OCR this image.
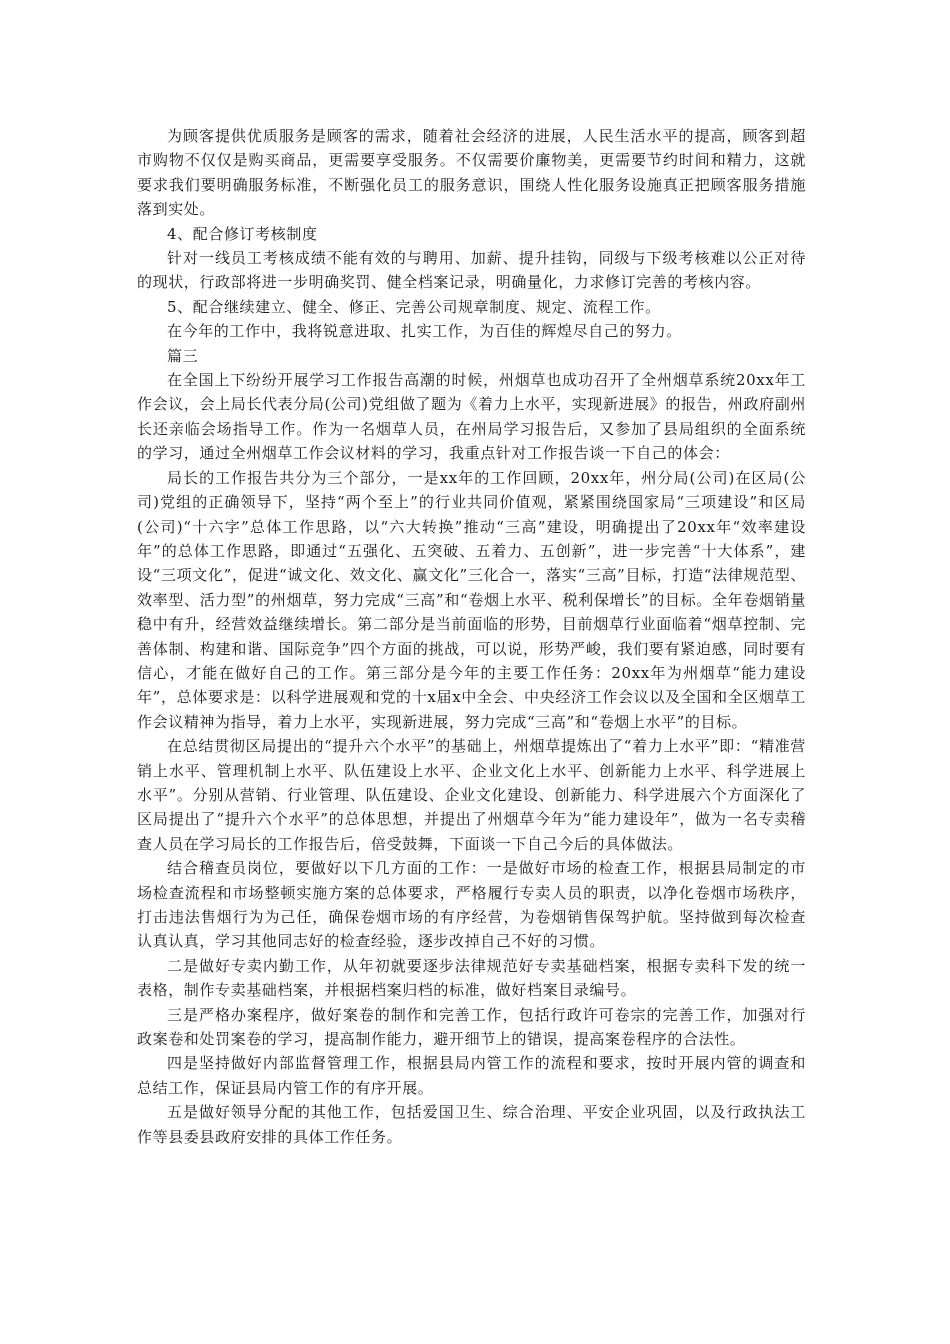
为顾客提供优质服务是顾客的需求，随着社会经济的进展，人民生活水平的提高，顾客到超市购物不仅仅是购买商品，更需要享受服务。不仅需要价廉物美，更需要节约时间和精力，这就要求我们要明确服务标准，不断强化员工的服务意识，围绕人性化服务设施真正把顾客服务措施落到实处。

4、配合修订考核制度

针对一线员工考核成绩不能有效的与聘用、加薪、提升挂钩，同级与下级考核难以公正对待的现状，行政部将进一步明确奖罚、健全档案记录，明确量化，力求修订完善的考核内容。

5、配合继续建立、健全、修正、完善公司规章制度、规定、流程工作。

在今年的工作中，我将锐意进取、扎实工作，为百佳的辉煌尽自己的努力。

篇三

在全国上下纷纷开展学习工作报告高潮的时候，州烟草也成功召开了全州烟草系统20xx年工作会议，会上局长代表分局(公司)党组做了题为《着力上水平，实现新进展》的报告，州政府副州长还亲临会场指导工作。作为一名烟草人员，在州局学习报告后，又参加了县局组织的全面系统的学习，通过全州烟草工作会议材料的学习，我重点针对工作报告谈一下自己的体会：

局长的工作报告共分为三个部分，一是xx年的工作回顾，20xx年，州分局(公司)在区局(公司)党组的正确领导下，坚持“两个至上”的行业共同价值观，紧紧围绕国家局“三项建设”和区局(公司)“十六字”总体工作思路，以“六大转换”推动“三高”建设，明确提出了20xx年“效率建设年”的总体工作思路，即通过“五强化、五突破、五着力、五创新”，进一步完善“十大体系”，建设“三项文化”，促进“诚文化、效文化、赢文化”三化合一，落实“三高”目标，打造“法律规范型、效率型、活力型”的州烟草，努力完成“三高”和“卷烟上水平、税利保增长”的目标。全年卷烟销量稳中有升，经营效益继续增长。第二部分是当前面临的形势，目前烟草行业面临着“烟草控制、完善体制、构建和谐、国际竞争”四个方面的挑战，可以说，形势严峻，我们要有紧迫感，同时要有信心，才能在做好自己的工作。第三部分是今年的主要工作任务：20xx年为州烟草“能力建设年”，总体要求是：以科学进展观和党的十x届x中全会、中央经济工作会议以及全国和全区烟草工作会议精神为指导，着力上水平，实现新进展，努力完成“三高”和“卷烟上水平”的目标。

在总结贯彻区局提出的“提升六个水平”的基础上，州烟草提炼出了“着力上水平”即：“精准营销上水平、管理机制上水平、队伍建设上水平、企业文化上水平、创新能力上水平、科学进展上水平”。分别从营销、行业管理、队伍建设、企业文化建设、创新能力、科学进展六个方面深化了区局提出了“提升六个水平”的总体思想，并提出了州烟草今年为“能力建设年”，做为一名专卖稽查人员在学习局长的工作报告后，倍受鼓舞，下面谈一下自己今后的具体做法。

结合稽查员岗位，要做好以下几方面的工作：一是做好市场的检查工作，根据县局制定的市场检查流程和市场整顿实施方案的总体要求，严格履行专卖人员的职责，以净化卷烟市场秩序，打击违法售烟行为为己任，确保卷烟市场的有序经营，为卷烟销售保驾护航。坚持做到每次检查认真认真，学习其他同志好的检查经验，逐步改掉自己不好的习惯。

二是做好专卖内勤工作，从年初就要逐步法律规范好专卖基础档案，根据专卖科下发的统一表格，制作专卖基础档案，并根据档案归档的标准，做好档案目录编号。

三是严格办案程序，做好案卷的制作和完善工作，包括行政许可卷宗的完善工作，加强对行政案卷和处罚案卷的学习，提高制作能力，避开细节上的错误，提高案卷程序的合法性。

四是坚持做好内部监督管理工作，根据县局内管工作的流程和要求，按时开展内管的调查和总结工作，保证县局内管工作的有序开展。

五是做好领导分配的其他工作，包括爱国卫生、综合治理、平安企业巩固，以及行政执法工作等县委县政府安排的具体工作任务。
